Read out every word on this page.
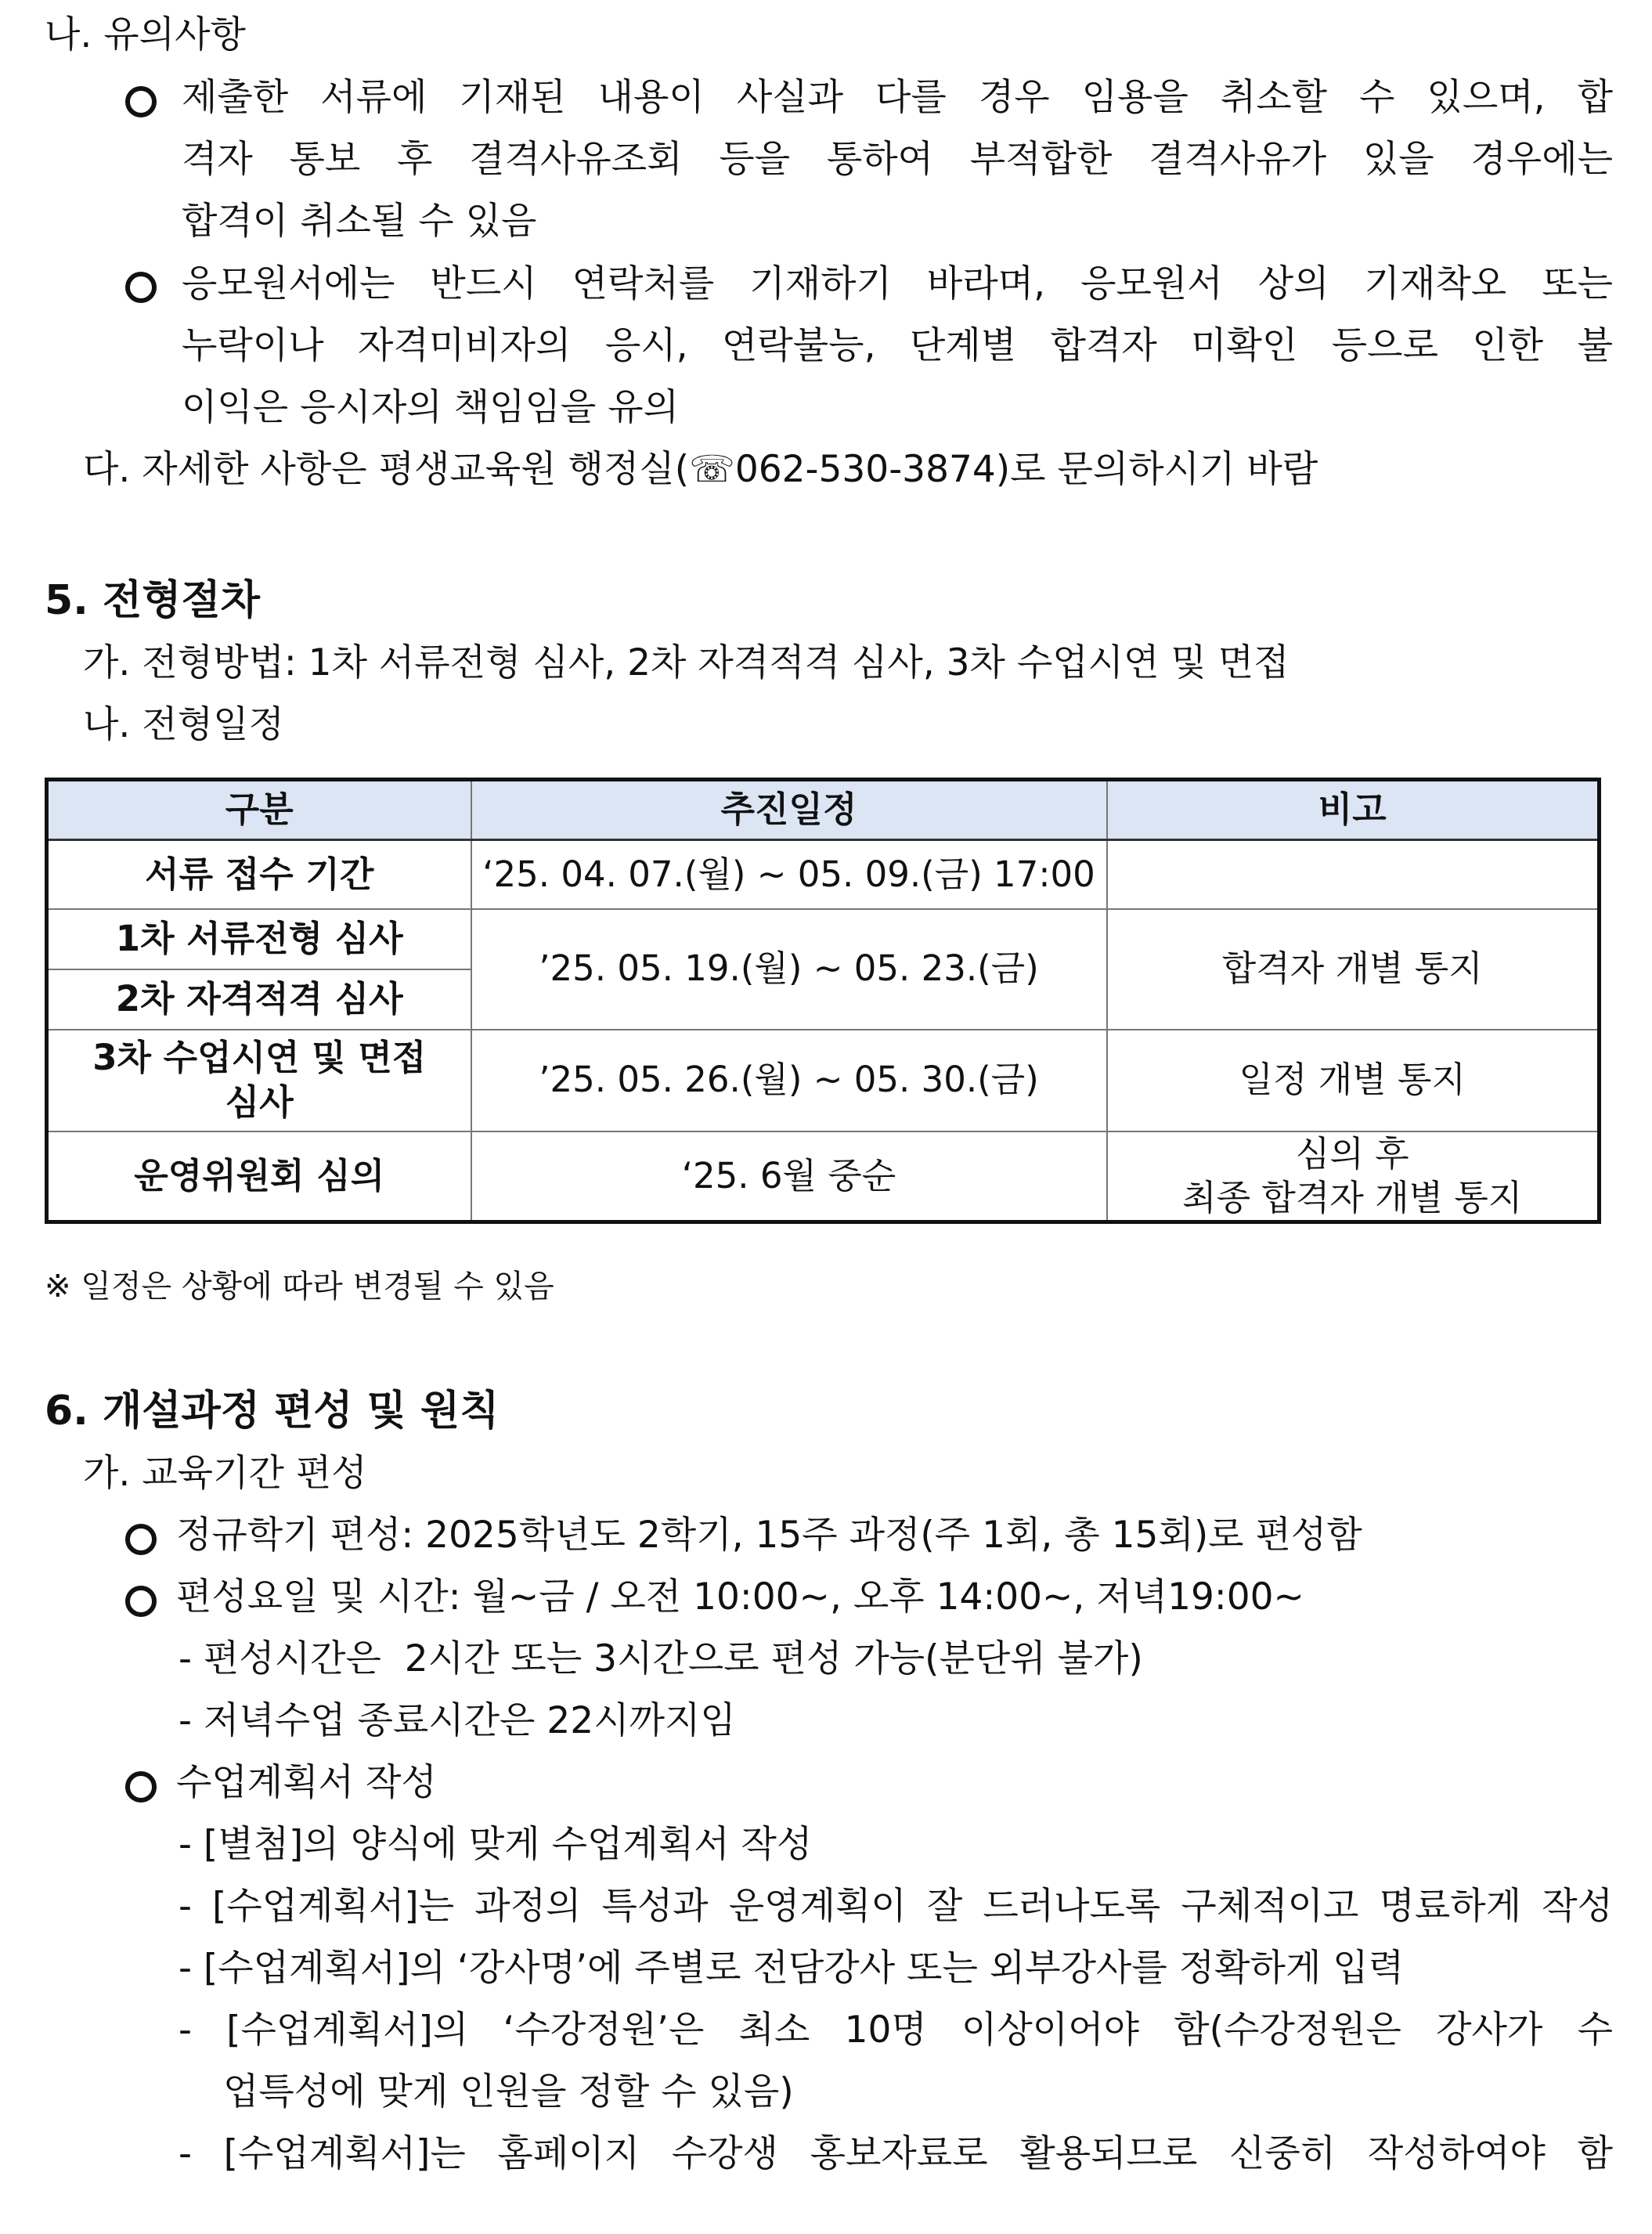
나. 유의사항
제출한 서류에 기재된 내용이 사실과 다를 경우 임용을 취소할 수 있으며, 합
격자 통보 후 결격사유조회 등을 통하여 부적합한 결격사유가 있을 경우에는
합격이 취소될 수 있음
응모원서에는 반드시 연락처를 기재하기 바라며, 응모원서 상의 기재착오 또는
누락이나 자격미비자의 응시, 연락불능, 단계별 합격자 미확인 등으로 인한 불
이익은 응시자의 책임임을 유의
다. 자세한 사항은 평생교육원 행정실(☏062-530-3874)로 문의하시기 바람
5. 전형절차
가. 전형방법: 1차 서류전형 심사, 2차 자격적격 심사, 3차 수업시연 및 면접
나. 전형일정
구분	추진일정	비고
서류 접수 기간	‘25. 04. 07.(월) ~ 05. 09.(금) 17:00	
1차 서류전형 심사	’25. 05. 19.(월) ~ 05. 23.(금)	합격자 개별 통지
2차 자격적격 심사		

3차 수업시연 및 면접
심사	’25. 05. 26.(월) ~ 05. 30.(금)	일정 개별 통지
운영위원회 심의	‘25. 6월 중순	심의 후
최종 합격자 개별 통지
※ 일정은 상황에 따라 변경될 수 있음
6. 개설과정 편성 및 원칙
가. 교육기간 편성
정규학기 편성: 2025학년도 2학기, 15주 과정(주 1회, 총 15회)로 편성함
편성요일 및 시간: 월~금 / 오전 10:00~, 오후 14:00~, 저녁19:00~
- 편성시간은  2시간 또는 3시간으로 편성 가능(분단위 불가)
- 저녁수업 종료시간은 22시까지임
수업계획서 작성
- [별첨]의 양식에 맞게 수업계획서 작성
- [수업계획서]는 과정의 특성과 운영계획이 잘 드러나도록 구체적이고 명료하게 작성
- [수업계획서]의 ‘강사명’에 주별로 전담강사 또는 외부강사를 정확하게 입력
- [수업계획서]의 ‘수강정원’은 최소 10명 이상이어야 함(수강정원은 강사가 수
업특성에 맞게 인원을 정할 수 있음)
- [수업계획서]는 홈페이지 수강생 홍보자료로 활용되므로 신중히 작성하여야 함
